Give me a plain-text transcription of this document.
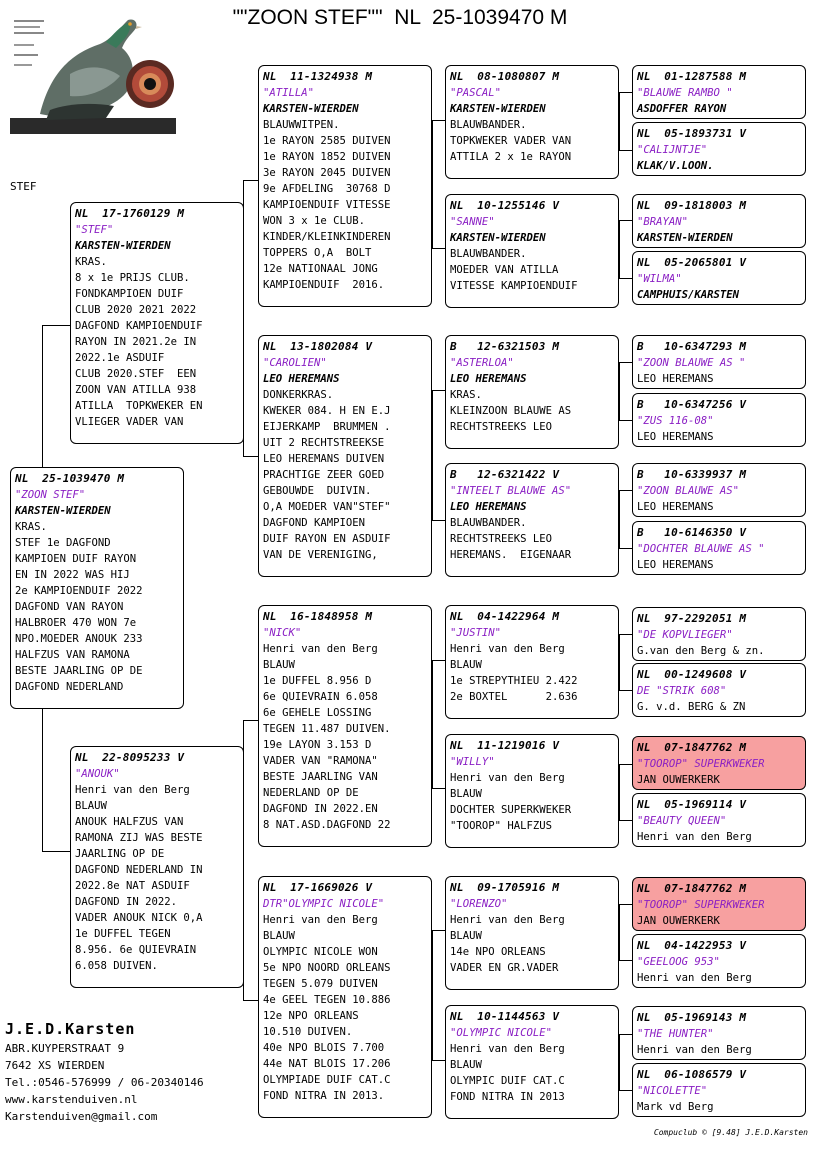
""ZOON STEF""  NL  25-1039470 M
STEF
NL  25-1039470 M
"ZOON STEF"
KARSTEN-WIERDEN
KRAS.
STEF 1e DAGFOND
KAMPIOEN DUIF RAYON
EN IN 2022 WAS HIJ
2e KAMPIOENDUIF 2022
DAGFOND VAN RAYON
HALBROER 470 WON 7e
NPO.MOEDER ANOUK 233
HALFZUS VAN RAMONA
BESTE JAARLING OP DE
DAGFOND NEDERLAND
NL  17-1760129 M
"STEF"
KARSTEN-WIERDEN
KRAS.
8 x 1e PRIJS CLUB.
FONDKAMPIOEN DUIF
CLUB 2020 2021 2022
DAGFOND KAMPIOENDUIF
RAYON IN 2021.2e IN
2022.1e ASDUIF
CLUB 2020.STEF  EEN
ZOON VAN ATILLA 938
ATILLA  TOPKWEKER EN
VLIEGER VADER VAN
NL  22-8095233 V
"ANOUK"
Henri van den Berg
BLAUW
ANOUK HALFZUS VAN
RAMONA ZIJ WAS BESTE
JAARLING OP DE
DAGFOND NEDERLAND IN
2022.8e NAT ASDUIF
DAGFOND IN 2022.
VADER ANOUK NICK 0,A
1e DUFFEL TEGEN
8.956. 6e QUIEVRAIN
6.058 DUIVEN.
NL  11-1324938 M
"ATILLA"
KARSTEN-WIERDEN
BLAUWWITPEN.
1e RAYON 2585 DUIVEN
1e RAYON 1852 DUIVEN
3e RAYON 2045 DUIVEN
9e AFDELING  30768 D
KAMPIOENDUIF VITESSE
WON 3 x 1e CLUB.
KINDER/KLEINKINDEREN
TOPPERS O,A  BOLT
12e NATIONAAL JONG
KAMPIOENDUIF  2016.
NL  13-1802084 V
"CAROLIEN"
LEO HEREMANS
DONKERKRAS.
KWEKER 084. H EN E.J
EIJERKAMP  BRUMMEN .
UIT 2 RECHTSTREEKSE
LEO HEREMANS DUIVEN
PRACHTIGE ZEER GOED
GEBOUWDE  DUIVIN.
O,A MOEDER VAN"STEF"
DAGFOND KAMPIOEN
DUIF RAYON EN ASDUIF
VAN DE VERENIGING,
NL  16-1848958 M
"NICK"
Henri van den Berg
BLAUW
1e DUFFEL 8.956 D
6e QUIEVRAIN 6.058
6e GEHELE LOSSING
TEGEN 11.487 DUIVEN.
19e LAYON 3.153 D
VADER VAN "RAMONA"
BESTE JAARLING VAN
NEDERLAND OP DE
DAGFOND IN 2022.EN
8 NAT.ASD.DAGFOND 22
NL  17-1669026 V
DTR"OLYMPIC NICOLE"
Henri van den Berg
BLAUW
OLYMPIC NICOLE WON
5e NPO NOORD ORLEANS
TEGEN 5.079 DUIVEN
4e GEEL TEGEN 10.886
12e NPO ORLEANS
10.510 DUIVEN.
40e NPO BLOIS 7.700
44e NAT BLOIS 17.206
OLYMPIADE DUIF CAT.C
FOND NITRA IN 2013.
NL  08-1080807 M
"PASCAL"
KARSTEN-WIERDEN
BLAUWBANDER.
TOPKWEKER VADER VAN
ATTILA 2 x 1e RAYON
NL  10-1255146 V
"SANNE"
KARSTEN-WIERDEN
BLAUWBANDER.
MOEDER VAN ATILLA
VITESSE KAMPIOENDUIF
B   12-6321503 M
"ASTERLOA"
LEO HEREMANS
KRAS.
KLEINZOON BLAUWE AS
RECHTSTREEKS LEO
B   12-6321422 V
"INTEELT BLAUWE AS"
LEO HEREMANS
BLAUWBANDER.
RECHTSTREEKS LEO
HEREMANS.  EIGENAAR
NL  04-1422964 M
"JUSTIN"
Henri van den Berg
BLAUW
1e STREPYTHIEU 2.422
2e BOXTEL      2.636
NL  11-1219016 V
"WILLY"
Henri van den Berg
BLAUW
DOCHTER SUPERKWEKER
"TOOROP" HALFZUS
NL  09-1705916 M
"LORENZO"
Henri van den Berg
BLAUW
14e NPO ORLEANS
VADER EN GR.VADER
NL  10-1144563 V
"OLYMPIC NICOLE"
Henri van den Berg
BLAUW
OLYMPIC DUIF CAT.C
FOND NITRA IN 2013
NL  01-1287588 M
"BLAUWE RAMBO "
ASDOFFER RAYON
NL  05-1893731 V
"CALIJNTJE"
KLAK/V.LOON.
NL  09-1818003 M
"BRAYAN"
KARSTEN-WIERDEN
NL  05-2065801 V
"WILMA"
CAMPHUIS/KARSTEN
B   10-6347293 M
"ZOON BLAUWE AS "
LEO HEREMANS
B   10-6347256 V
"ZUS 116-08"
LEO HEREMANS
B   10-6339937 M
"ZOON BLAUWE AS"
LEO HEREMANS
B   10-6146350 V
"DOCHTER BLAUWE AS "
LEO HEREMANS
NL  97-2292051 M
"DE KOPVLIEGER"
G.van den Berg & zn.
NL  00-1249608 V
DE "STRIK 608"
G. v.d. BERG & ZN
NL  07-1847762 M
"TOOROP" SUPERKWEKER
JAN OUWERKERK
NL  05-1969114 V
"BEAUTY QUEEN"
Henri van den Berg
NL  07-1847762 M
"TOOROP" SUPERKWEKER
JAN OUWERKERK
NL  04-1422953 V
"GEELOOG 953"
Henri van den Berg
NL  05-1969143 M
"THE HUNTER"
Henri van den Berg
NL  06-1086579 V
"NICOLETTE"
Mark vd Berg
J.E.D.Karsten
ABR.KUYPERSTRAAT 9
7642 XS WIERDEN
Tel.:0546-576999 / 06-20340146
www.karstenduiven.nl
Karstenduiven@gmail.com
Compuclub © [9.48] J.E.D.Karsten
